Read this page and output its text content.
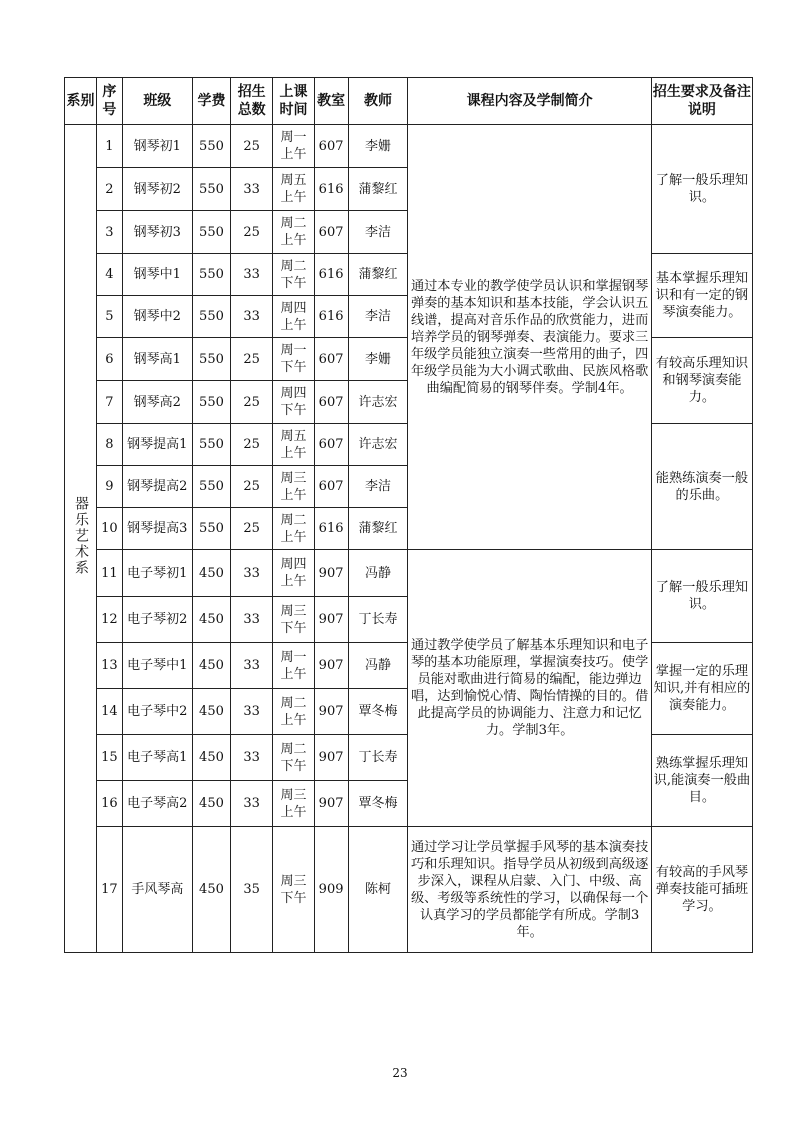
系别	序号	班级	学费	招生总数	上课时间	教室	教师	课程内容及学制简介	招生要求及备注说明
器乐艺术系	1	钢琴初1	550	25	周一上午	607	李姗	通过本专业的教学使学员认识和掌握钢琴弹奏的基本知识和基本技能，学会认识五线谱，提高对音乐作品的欣赏能力，进而培养学员的钢琴弹奏、表演能力。要求三年级学员能独立演奏一些常用的曲子，四年级学员能为大小调式歌曲、民族风格歌曲编配简易的钢琴伴奏。学制4年。	了解一般乐理知识。
	2	钢琴初2	550	33	周五上午	616	蒲黎红		
	3	钢琴初3	550	25	周二上午	607	李洁		
	4	钢琴中1	550	33	周二下午	616	蒲黎红		基本掌握乐理知识和有一定的钢琴演奏能力。
	5	钢琴中2	550	33	周四上午	616	李洁		
	6	钢琴高1	550	25	周一下午	607	李姗		有较高乐理知识和钢琴演奏能力。
	7	钢琴高2	550	25	周四下午	607	许志宏		
	8	钢琴提高1	550	25	周五上午	607	许志宏		能熟练演奏一般的乐曲。
	9	钢琴提高2	550	25	周三上午	607	李洁		
	10	钢琴提高3	550	25	周二上午	616	蒲黎红		
	11	电子琴初1	450	33	周四上午	907	冯静	通过教学使学员了解基本乐理知识和电子琴的基本功能原理，掌握演奏技巧。使学员能对歌曲进行简易的编配，能边弹边唱，达到愉悦心情、陶怡情操的目的。借此提高学员的协调能力、注意力和记忆力。学制3年。	了解一般乐理知识。
	12	电子琴初2	450	33	周三下午	907	丁长寿		
	13	电子琴中1	450	33	周一上午	907	冯静		掌握一定的乐理知识,并有相应的演奏能力。
	14	电子琴中2	450	33	周二上午	907	覃冬梅		
	15	电子琴高1	450	33	周二下午	907	丁长寿		熟练掌握乐理知识,能演奏一般曲目。
	16	电子琴高2	450	33	周三上午	907	覃冬梅		
	17	手风琴高	450	35	周三下午	909	陈柯	通过学习让学员掌握手风琴的基本演奏技巧和乐理知识。指导学员从初级到高级逐步深入，课程从启蒙、入门、中级、高级、考级等系统性的学习，以确保每一个认真学习的学员都能学有所成。学制3年。	有较高的手风琴弹奏技能可插班学习。
23
